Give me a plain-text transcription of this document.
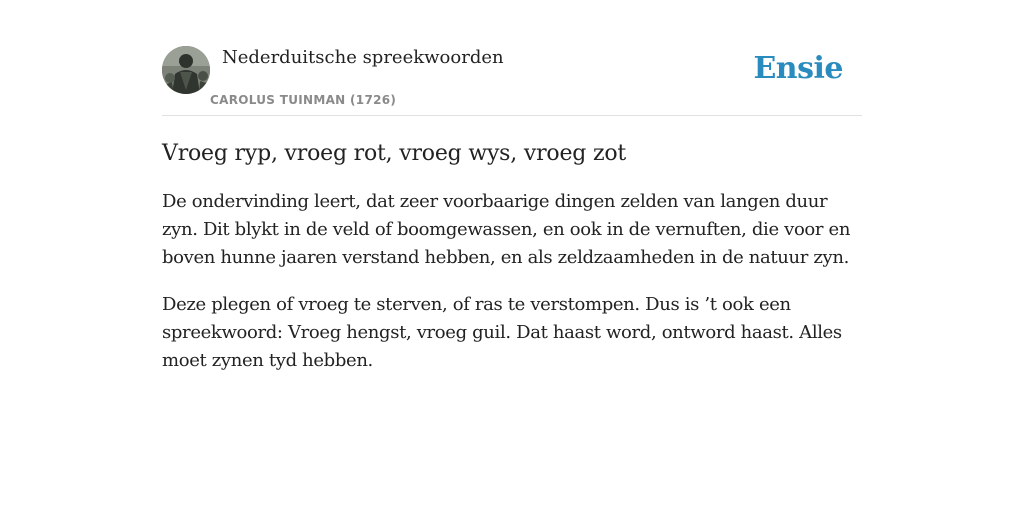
Nederduitsche spreekwoorden
CAROLUS TUINMAN (1726)
Ensie
Vroeg ryp, vroeg rot, vroeg wys, vroeg zot

De ondervinding leert, dat zeer voorbaarige dingen zelden van langen duur zyn. Dit blykt in de veld of boomgewassen, en ook in de vernuften, die voor en boven hunne jaaren verstand hebben, en als zeldzaamheden in de natuur zyn.

Deze plegen of vroeg te sterven, of ras te verstompen. Dus is ’t ook een spreekwoord: Vroeg hengst, vroeg guil. Dat haast word, ontword haast. Alles moet zynen tyd hebben.
